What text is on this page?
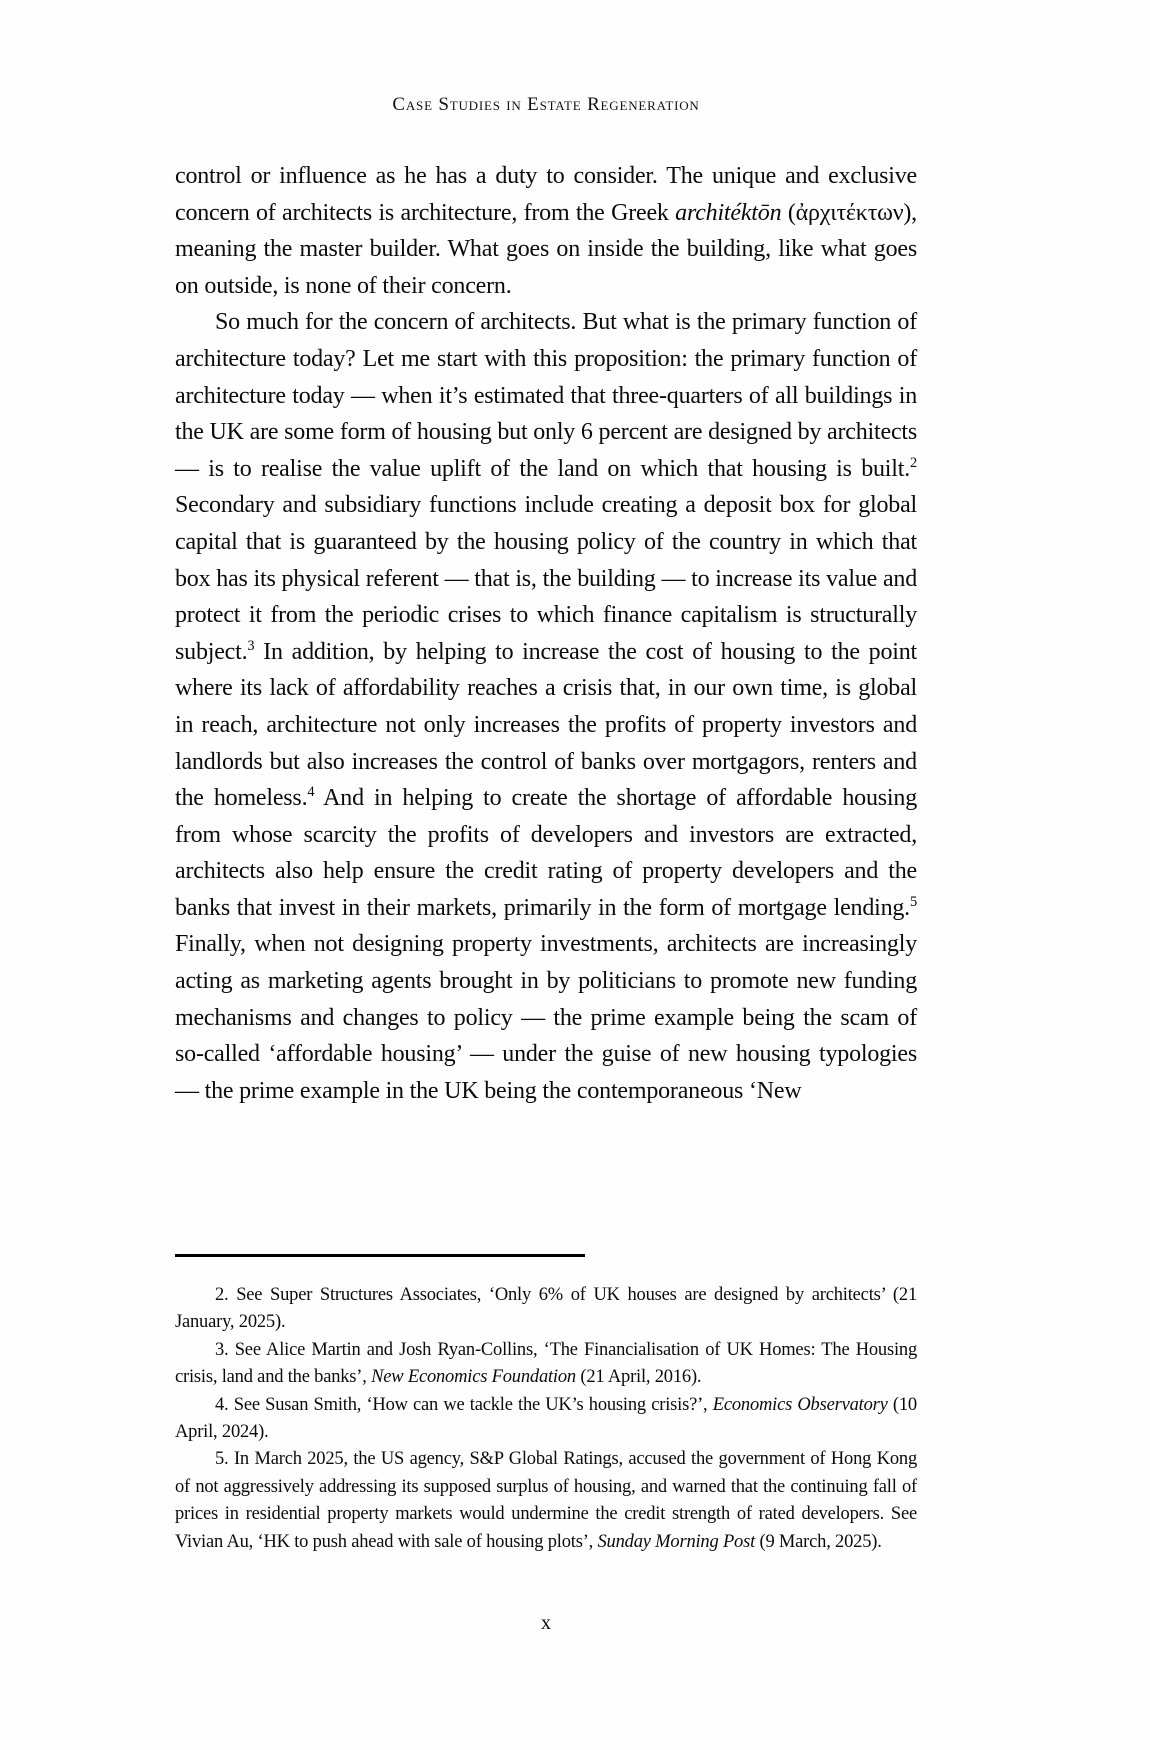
Case Studies in Estate Regeneration

control or influence as he has a duty to consider. The unique and exclusive concern of architects is architecture, from the Greek architéktōn (ἀρχιτέκτων), meaning the master builder. What goes on inside the building, like what goes on outside, is none of their concern.

So much for the concern of architects. But what is the primary function of architecture today? Let me start with this proposition: the primary function of architecture today — when it’s estimated that three-quarters of all buildings in the UK are some form of housing but only 6 percent are designed by architects — is to realise the value uplift of the land on which that housing is built.$^2$ Secondary and subsidiary functions include creating a deposit box for global capital that is guaranteed by the housing policy of the country in which that box has its physical referent — that is, the building — to increase its value and protect it from the periodic crises to which finance capitalism is structurally subject.$^3$ In addition, by helping to increase the cost of housing to the point where its lack of affordability reaches a crisis that, in our own time, is global in reach, architecture not only increases the profits of property investors and landlords but also increases the control of banks over mortgagors, renters and the homeless.$^4$ And in helping to create the shortage of affordable housing from whose scarcity the profits of developers and investors are extracted, architects also help ensure the credit rating of property developers and the banks that invest in their markets, primarily in the form of mortgage lending.$^5$ Finally, when not designing property investments, architects are increasingly acting as marketing agents brought in by politicians to promote new funding mechanisms and changes to policy — the prime example being the scam of so-called ‘affordable housing’ — under the guise of new housing typologies — the prime example in the UK being the contemporaneous ‘New

2. See Super Structures Associates, ‘Only 6% of UK houses are designed by architects’ (21 January, 2025).

3. See Alice Martin and Josh Ryan-Collins, ‘The Financialisation of UK Homes: The Housing crisis, land and the banks’, New Economics Foundation (21 April, 2016).

4. See Susan Smith, ‘How can we tackle the UK’s housing crisis?’, Economics Observatory (10 April, 2024).

5. In March 2025, the US agency, S&P Global Ratings, accused the government of Hong Kong of not aggressively addressing its supposed surplus of housing, and warned that the continuing fall of prices in residential property markets would undermine the credit strength of rated developers. See Vivian Au, ‘HK to push ahead with sale of housing plots’, Sunday Morning Post (9 March, 2025).

x
